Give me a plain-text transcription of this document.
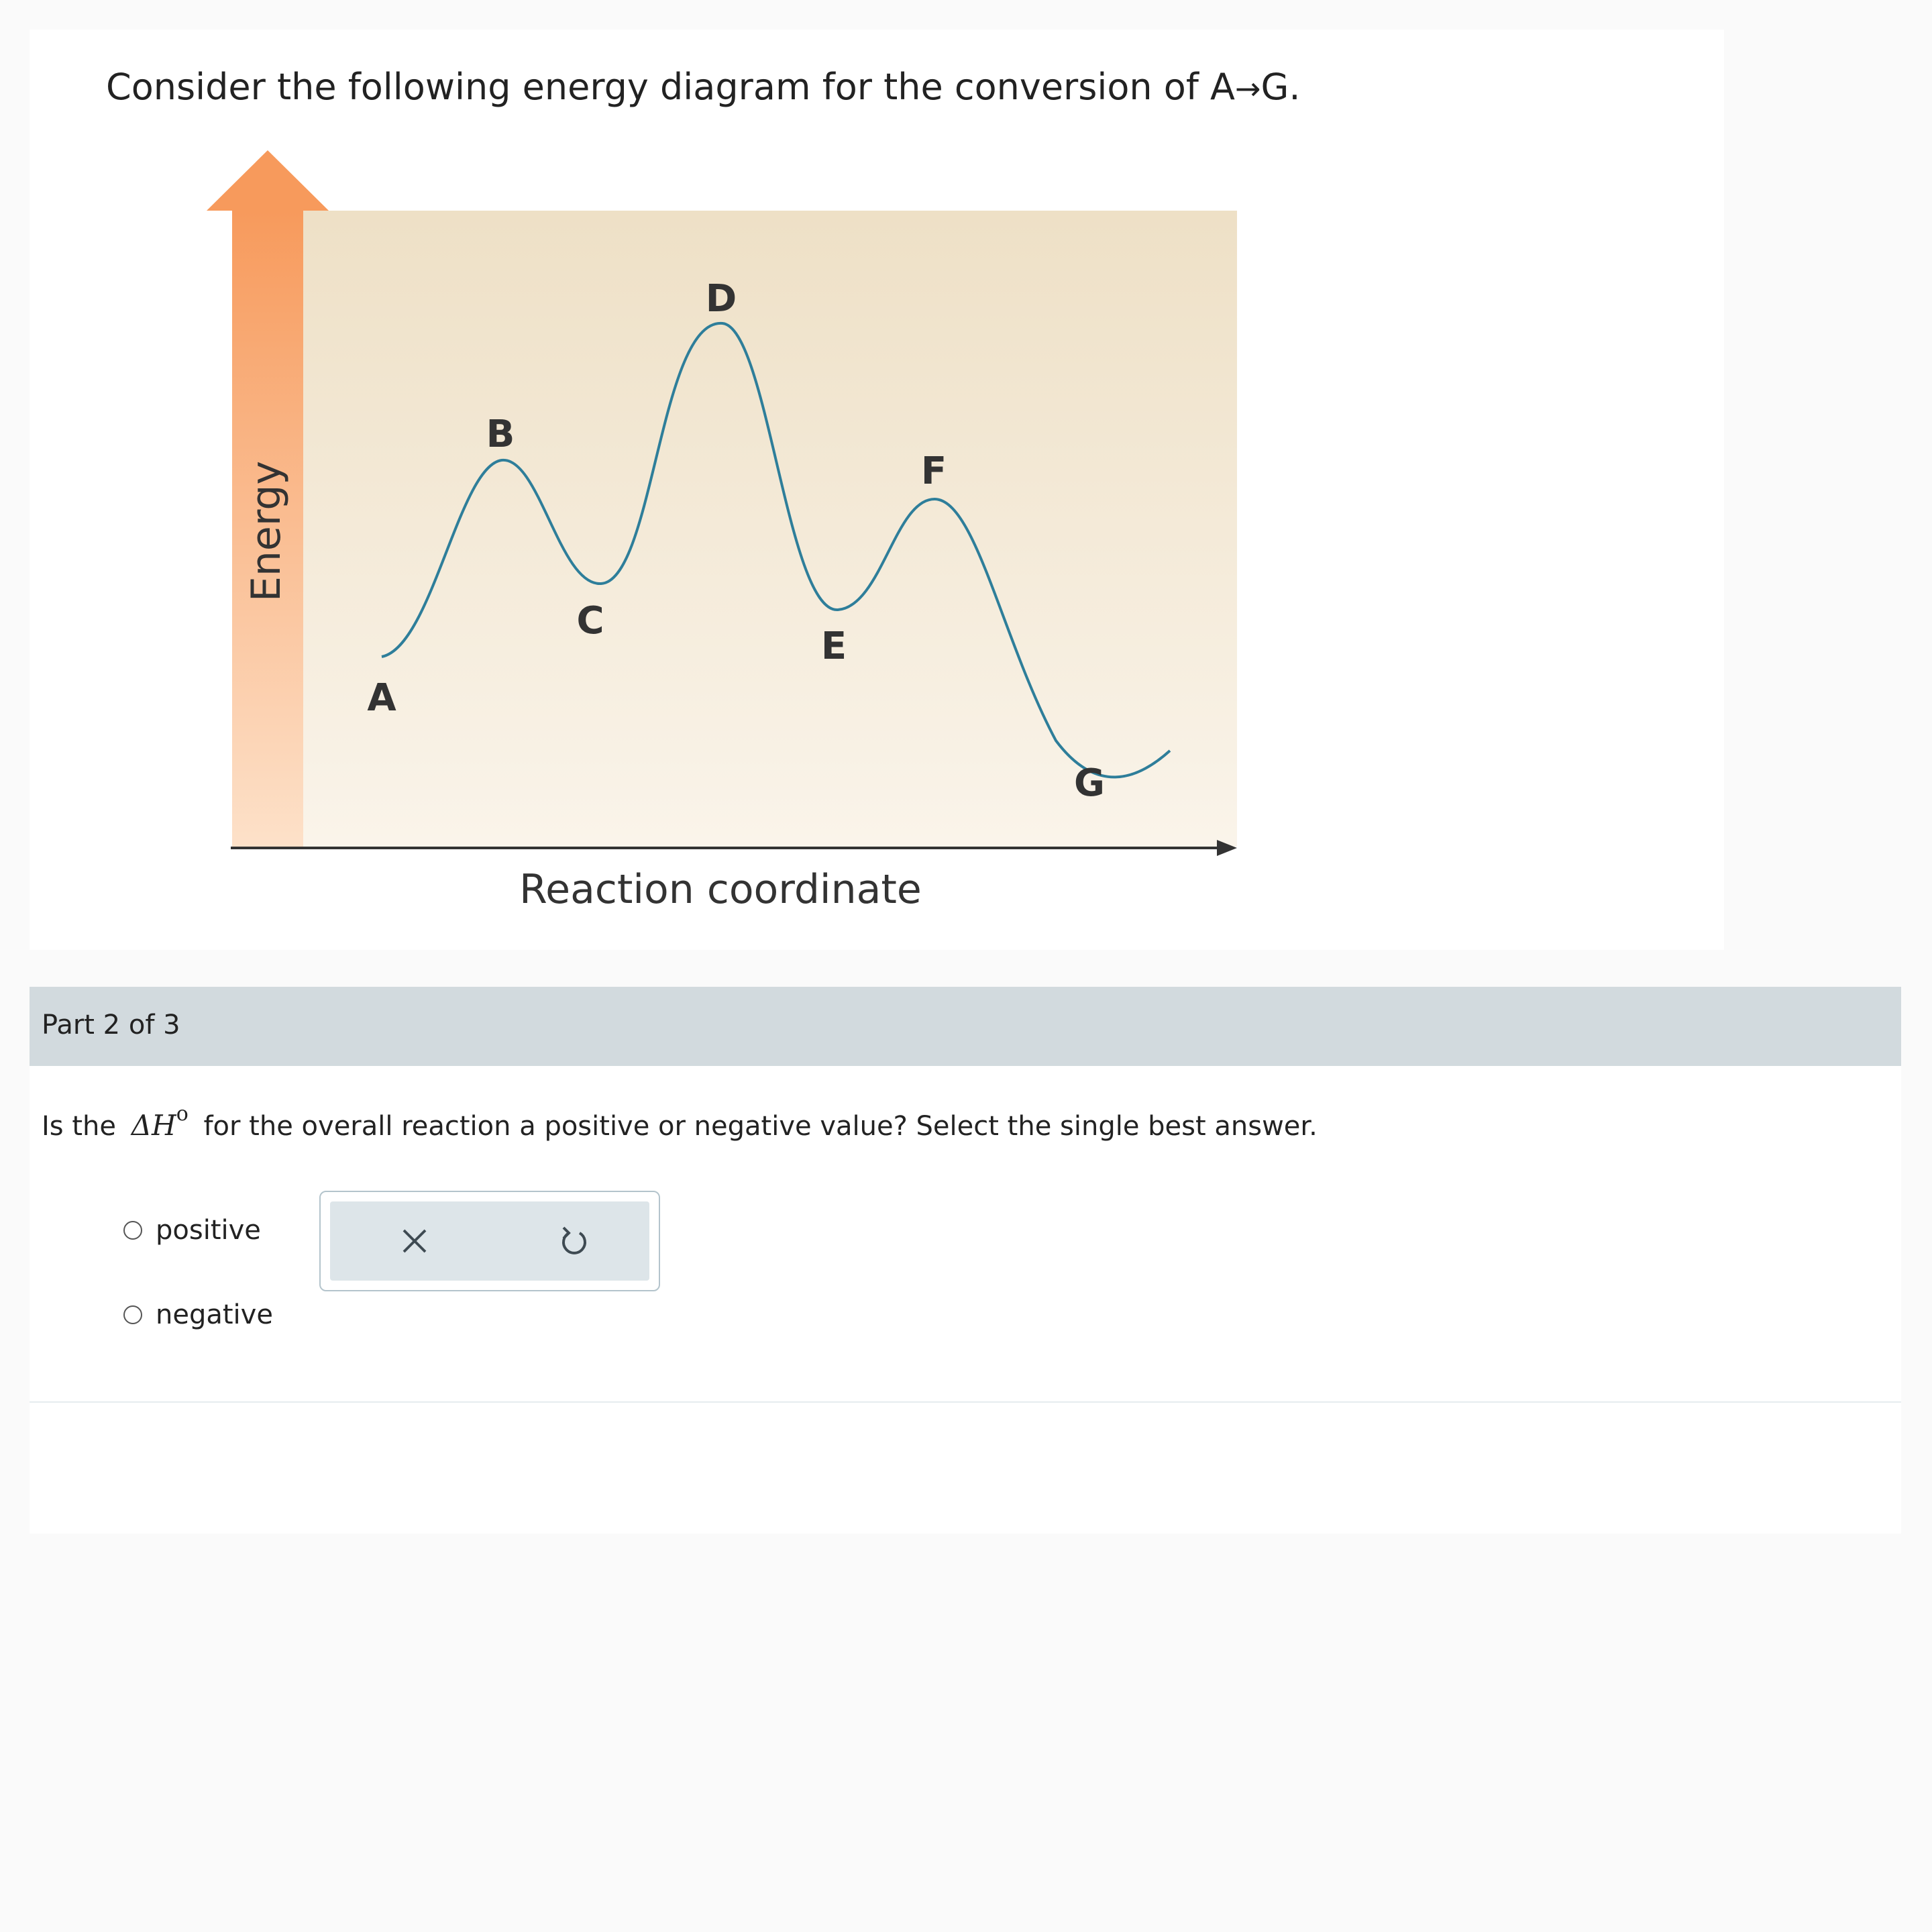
Consider the following energy diagram for the conversion of A→G.
Energy
Reaction coordinate
A
B
C
D
E
F
G
Part 2 of 3
Is the $\Delta H^o$ for the overall reaction a positive or negative value? Select the single best answer.
positive
negative
